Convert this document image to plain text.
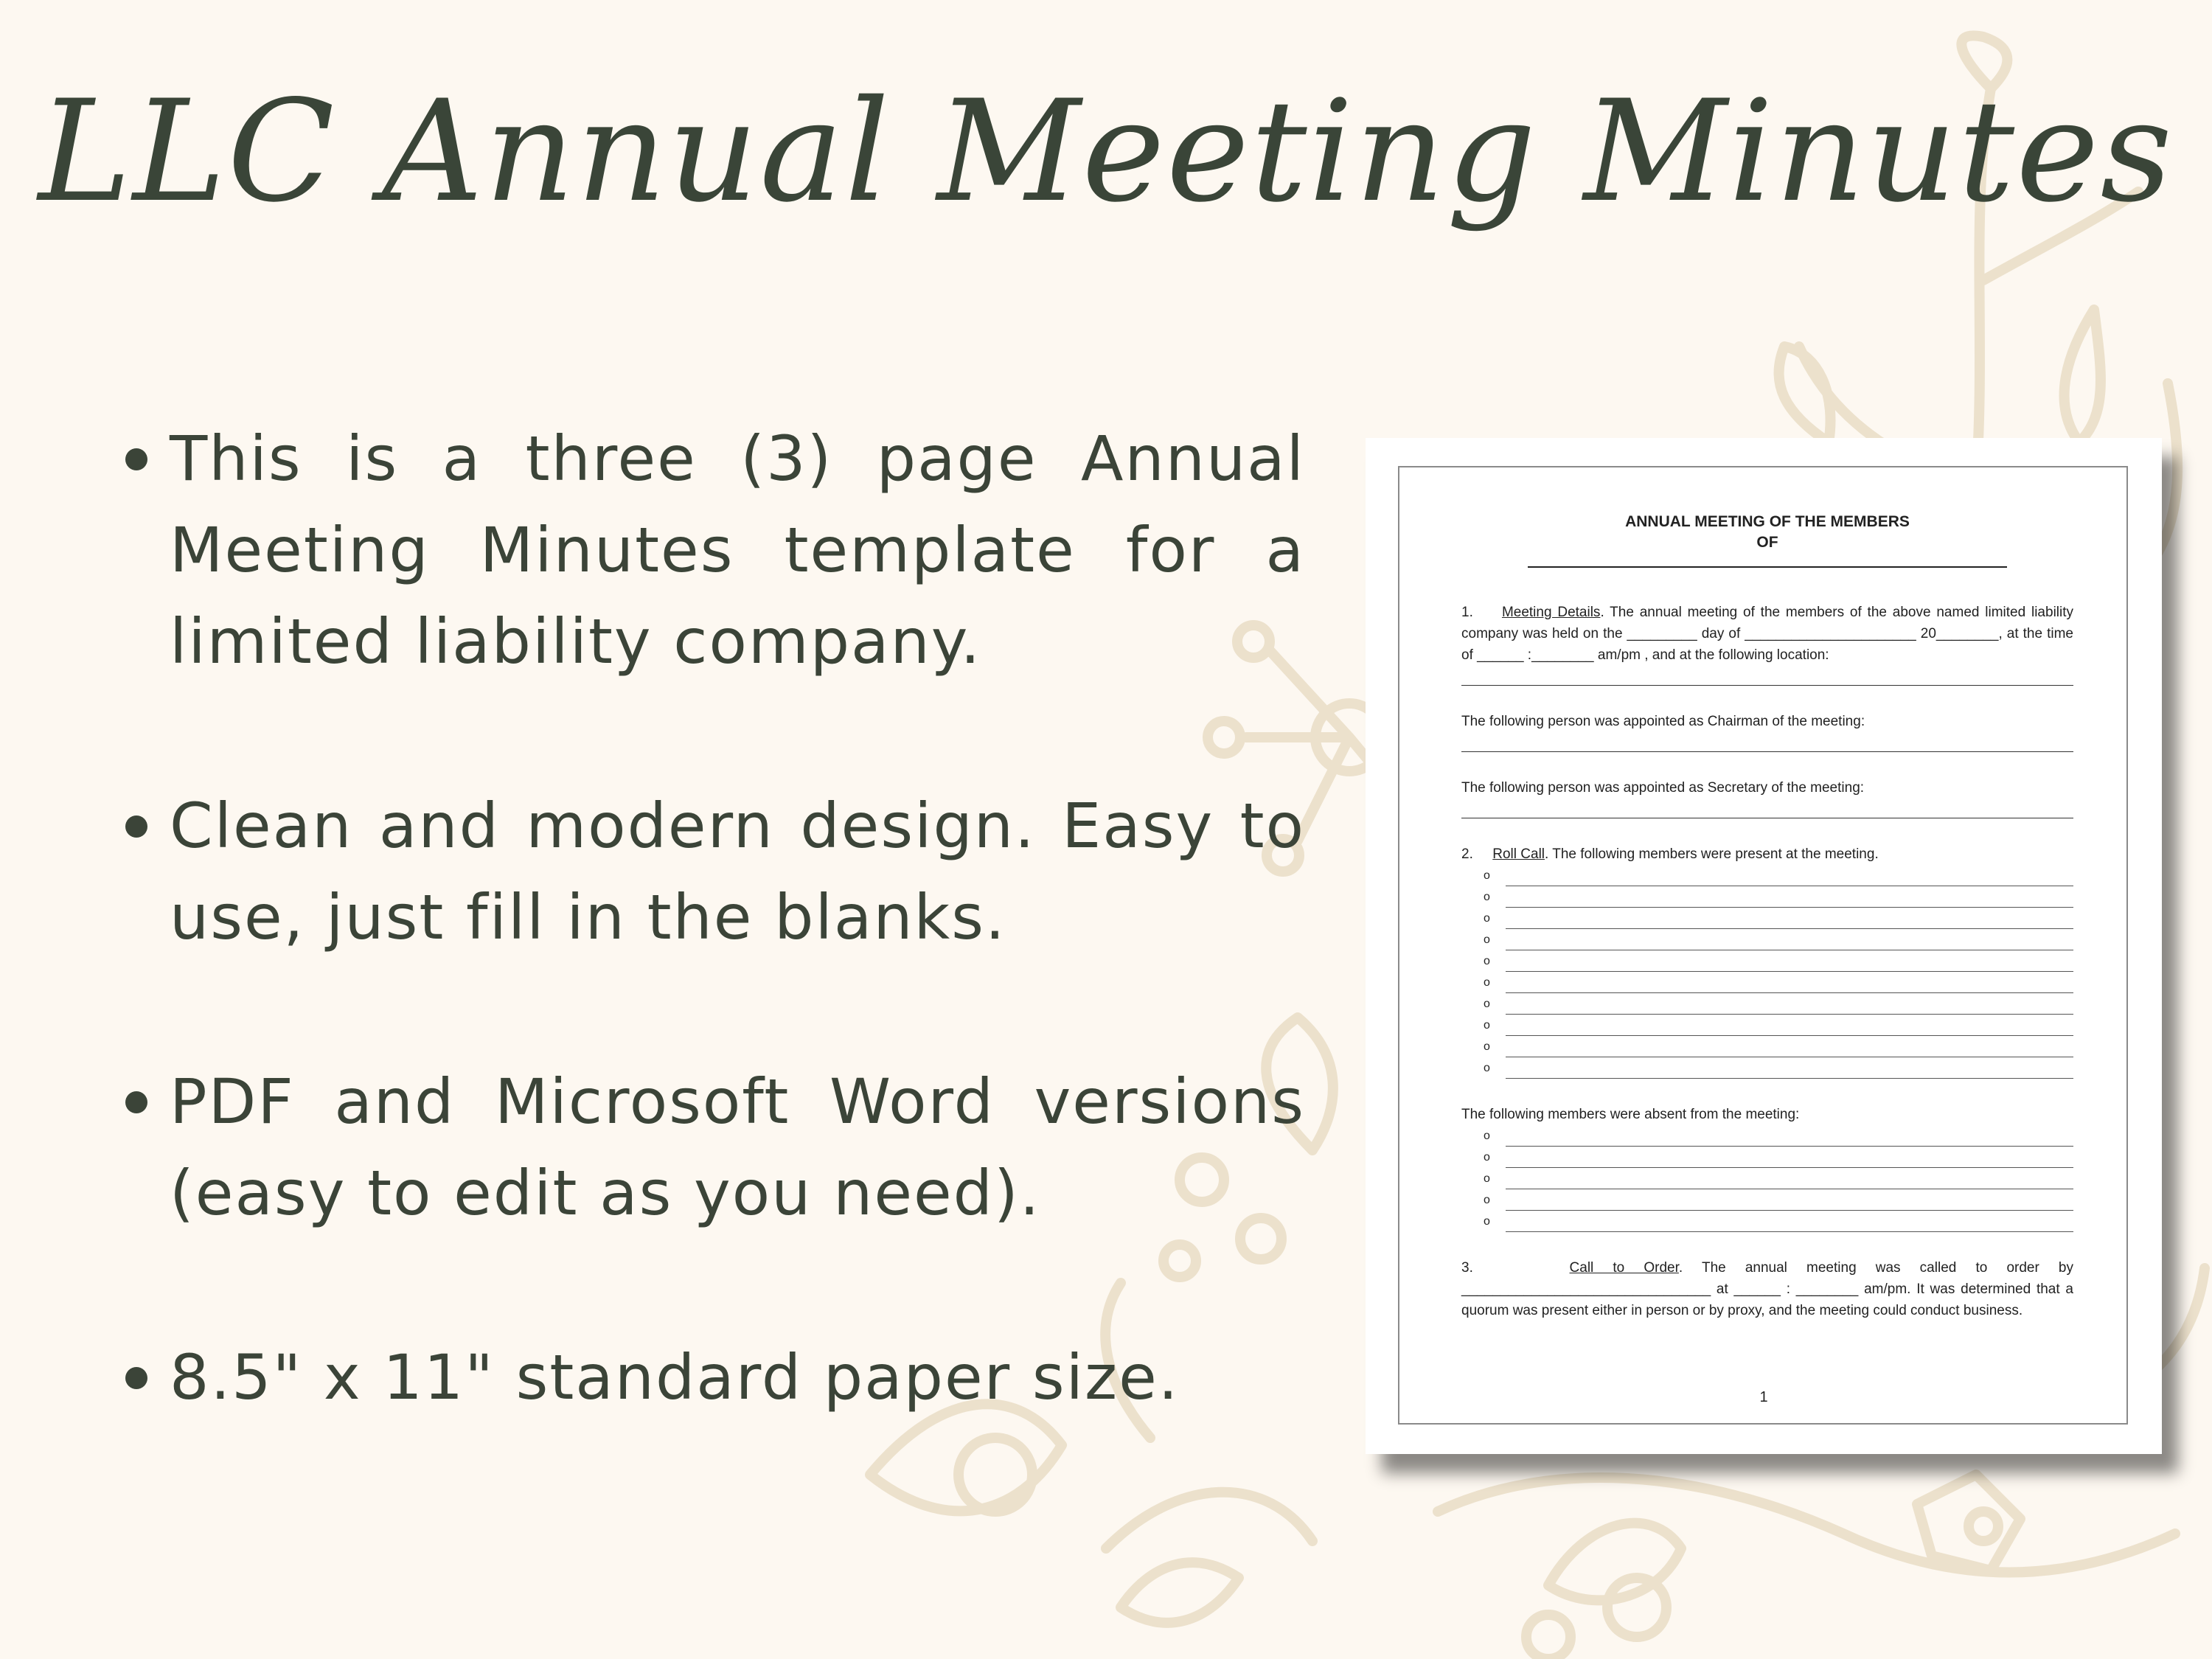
LLC Annual Meeting Minutes
This is a three (3) page Annual Meeting Minutes template for a limited liability company.
Clean and modern design. Easy to use, just fill in the blanks.
PDF and Microsoft Word versions (easy to edit as you need).
8.5" x 11" standard paper size.
ANNUAL MEETING OF THE MEMBERS
OF
1. Meeting Details. The annual meeting of the members of the above named limited liability company was held on the _________ day of ______________________ 20________, at the time of ______ :________ am/pm , and at the following location:
The following person was appointed as Chairman of the meeting:
The following person was appointed as Secretary of the meeting:
2. Roll Call. The following members were present at the meeting.
o
o
o
o
o
o
o
o
o
o
The following members were absent from the meeting:
o
o
o
o
o
3.	Call to Order. The annual meeting was called to order by ________________________________ at ______ : ________ am/pm. It was determined that a quorum was present either in person or by proxy, and the meeting could conduct business.
1
